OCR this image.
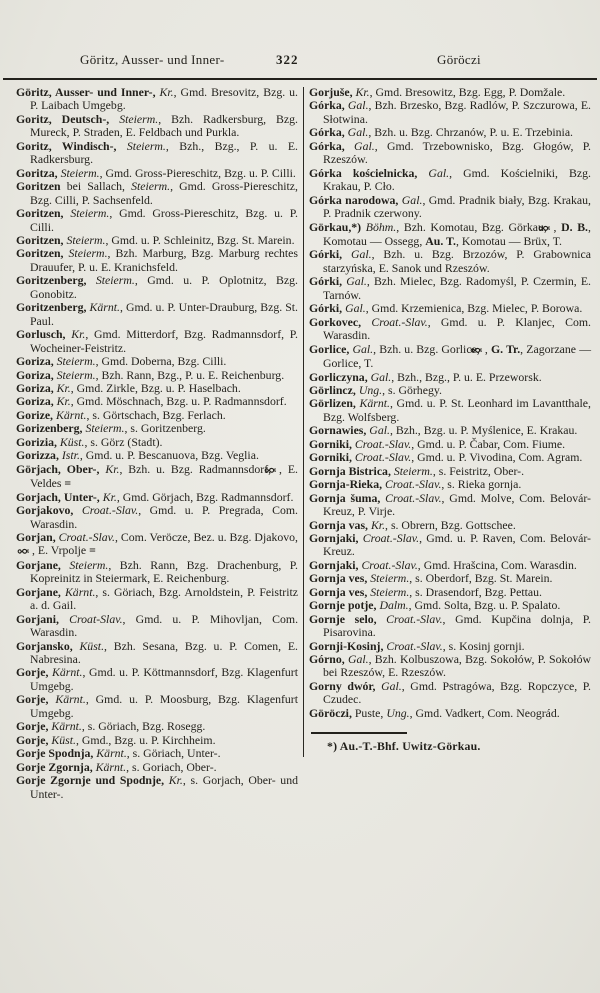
Göritz, Ausser- und Inner-	322	Göröczi

Göritz, Ausser- und Inner-, Kr., Gmd. Bresovitz, Bzg. u. P. Laibach Umgebg.

Goritz, Deutsch-, Steierm., Bzh. Radkersburg, Bzg. Mureck, P. Straden, E. Feldbach und Purkla.

Goritz, Windisch-, Steierm., Bzh., Bzg., P. u. E. Radkersburg.

Goritza, Steierm., Gmd. Gross-Piereschitz, Bzg. u. P. Cilli.

Goritzen bei Sallach, Steierm., Gmd. Gross-Piereschitz, Bzg. Cilli, P. Sachsenfeld.

Goritzen, Steierm., Gmd. Gross-Piereschitz, Bzg. u. P. Cilli.

Goritzen, Steierm., Gmd. u. P. Schleinitz, Bzg. St. Marein.

Goritzen, Steierm., Bzh. Marburg, Bzg. Marburg rechtes Drauufer, P. u. E. Kranichsfeld.

Goritzenberg, Steierm., Gmd. u. P. Oplotnitz, Bzg. Gonobitz.

Goritzenberg, Kärnt., Gmd. u. P. Unter-Drauburg, Bzg. St. Paul.

Gorlusch, Kr., Gmd. Mitterdorf, Bzg. Radmannsdorf, P. Wocheiner-Feistritz.

Goriza, Steierm., Gmd. Doberna, Bzg. Cilli.

Goriza, Steierm., Bzh. Rann, Bzg., P. u. E. Reichenburg.

Goriza, Kr., Gmd. Zirkle, Bzg. u. P. Haselbach.

Goriza, Kr., Gmd. Möschnach, Bzg. u. P. Radmannsdorf.

Gorize, Kärnt., s. Görtschach, Bzg. Ferlach.

Gorizenberg, Steierm., s. Goritzenberg.

Gorizia, Küst., s. Görz (Stadt).

Gorizza, Istr., Gmd. u. P. Bescanuova, Bzg. Veglia.

Görjach, Ober-, Kr., Bzh. u. Bzg. Radmannsdorf, , E. Veldes =

Gorjach, Unter-, Kr., Gmd. Görjach, Bzg. Radmannsdorf.

Gorjakovo, Croat.-Slav., Gmd. u. P. Pregrada, Com. Warasdin.

Gorjan, Croat.-Slav., Com. Veröcze, Bez. u. Bzg. Djakovo, , E. Vrpolje =

Gorjane, Steierm., Bzh. Rann, Bzg. Drachenburg, P. Kopreinitz in Steiermark, E. Reichenburg.

Gorjane, Kärnt., s. Göriach, Bzg. Arnoldstein, P. Feistritz a. d. Gail.

Gorjani, Croat-Slav., Gmd. u. P. Mihovljan, Com. Warasdin.

Gorjansko, Küst., Bzh. Sesana, Bzg. u. P. Comen, E. Nabresina.

Gorje, Kärnt., Gmd. u. P. Köttmannsdorf, Bzg. Klagenfurt Umgebg.

Gorje, Kärnt., Gmd. u. P. Moosburg, Bzg. Klagenfurt Umgebg.

Gorje, Kärnt., s. Göriach, Bzg. Rosegg.

Gorje, Küst., Gmd., Bzg. u. P. Kirchheim.

Gorje Spodnja, Kärnt., s. Göriach, Unter-.

Gorje Zgornja, Kärnt., s. Goriach, Ober-.

Gorje Zgornje und Spodnje, Kr., s. Gorjach, Ober- und Unter-.

Gorjuše, Kr., Gmd. Bresowitz, Bzg. Egg, P. Domžale.

Górka, Gal., Bzh. Brzesko, Bzg. Radlów, P. Szczurowa, E. Słotwina.

Górka, Gal., Bzh. u. Bzg. Chrzanów, P. u. E. Trzebinia.

Górka, Gal., Gmd. Trzebownisko, Bzg. Głogów, P. Rzeszów.

Górka kościelnicka, Gal., Gmd. Kościelniki, Bzg. Krakau, P. Cło.

Górka narodowa, Gal., Gmd. Pradnik biały, Bzg. Krakau, P. Pradnik czerwony.

Görkau,*) Böhm., Bzh. Komotau, Bzg. Görkau, , D. B., Komotau — Ossegg, Au. T., Komotau — Brüx, T.

Górki, Gal., Bzh. u. Bzg. Brzozów, P. Grabownica starzyńska, E. Sanok und Rzeszów.

Górki, Gal., Bzh. Mielec, Bzg. Radomyśl, P. Czermin, E. Tarnów.

Górki, Gal., Gmd. Krzemienica, Bzg. Mielec, P. Borowa.

Gorkovec, Croat.-Slav., Gmd. u. P. Klanjec, Com. Warasdin.

Gorlice, Gal., Bzh. u. Bzg. Gorlice, , G. Tr., Zagorzane — Gorlice, T.

Gorliczyna, Gal., Bzh., Bzg., P. u. E. Przeworsk.

Görlincz, Ung., s. Görhegy.

Görlizen, Kärnt., Gmd. u. P. St. Leonhard im Lavantthale, Bzg. Wolfsberg.

Gornawies, Gal., Bzh., Bzg. u. P. Myślenice, E. Krakau.

Gorniki, Croat.-Slav., Gmd. u. P. Čabar, Com. Fiume.

Gorniki, Croat.-Slav., Gmd. u. P. Vivodina, Com. Agram.

Gornja Bistrica, Steierm., s. Feistritz, Ober-.

Gornja-Rieka, Croat.-Slav., s. Rieka gornja.

Gornja šuma, Croat.-Slav., Gmd. Molve, Com. Belovár-Kreuz, P. Virje.

Gornja vas, Kr., s. Obrern, Bzg. Gottschee.

Gornjaki, Croat.-Slav., Gmd. u. P. Raven, Com. Belovár-Kreuz.

Gornjaki, Croat.-Slav., Gmd. Hrašcina, Com. Warasdin.

Gornja ves, Steierm., s. Oberdorf, Bzg. St. Marein.

Gornja ves, Steierm., s. Drasendorf, Bzg. Pettau.

Gornje potje, Dalm., Gmd. Solta, Bzg. u. P. Spalato.

Gornje selo, Croat.-Slav., Gmd. Kupčina dolnja, P. Pisarovina.

Gornji-Kosinj, Croat.-Slav., s. Kosinj gornji.

Górno, Gal., Bzh. Kolbuszowa, Bzg. Sokołów, P. Sokołów bei Rzeszów, E. Rzeszów.

Gorny dwór, Gal., Gmd. Pstragówa, Bzg. Ropczyce, P. Czudec.

Göröczi, Puste, Ung., Gmd. Vadkert, Com. Neográd.

*) Au.-T.-Bhf. Uwitz-Görkau.
